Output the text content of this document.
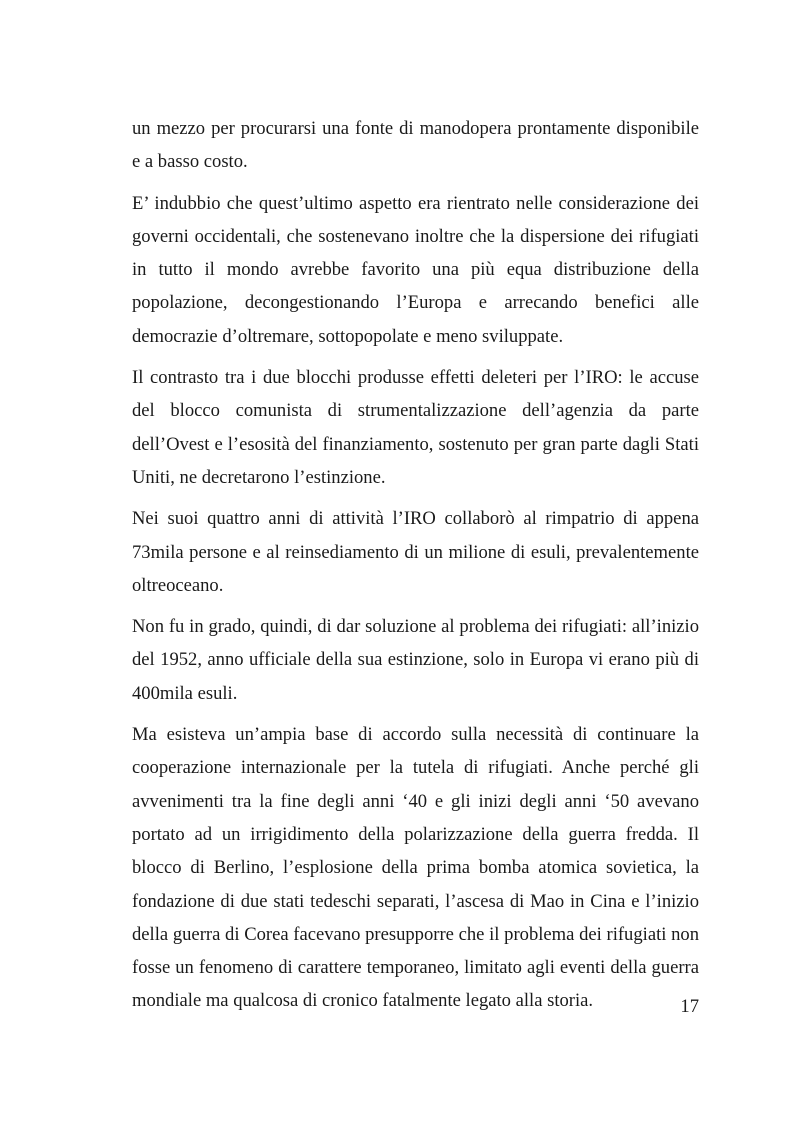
un mezzo per procurarsi una fonte di manodopera prontamente disponibile e a basso costo.

E’ indubbio che quest’ultimo aspetto era rientrato nelle considerazione dei governi occidentali, che sostenevano inoltre che la dispersione dei rifugiati in tutto il mondo avrebbe favorito una più equa distribuzione della popolazione, decongestionando l’Europa e arrecando benefici alle democrazie d’oltremare, sottopopolate e meno sviluppate.

Il contrasto tra i due blocchi produsse effetti deleteri per l’IRO: le accuse del blocco comunista di strumentalizzazione dell’agenzia da parte dell’Ovest e l’esosità del finanziamento, sostenuto per gran parte dagli Stati Uniti, ne decretarono l’estinzione.

Nei suoi quattro anni di attività l’IRO collaborò al rimpatrio di appena 73mila persone e al reinsediamento di un milione di esuli, prevalentemente oltreoceano.

Non fu in grado, quindi, di dar soluzione al problema dei rifugiati: all’inizio del 1952, anno ufficiale della sua estinzione, solo in Europa vi erano più di 400mila esuli.

Ma esisteva un’ampia base di accordo sulla necessità di continuare la cooperazione internazionale per la tutela di rifugiati. Anche perché gli avvenimenti tra la fine degli anni ‘40 e gli inizi degli anni ‘50 avevano portato ad un irrigidimento della polarizzazione della guerra fredda. Il blocco di Berlino, l’esplosione della prima bomba atomica sovietica, la fondazione di due stati tedeschi separati, l’ascesa di Mao in Cina e l’inizio della guerra di Corea facevano presupporre che il problema dei rifugiati non fosse un fenomeno di carattere temporaneo, limitato agli eventi della guerra mondiale ma qualcosa di cronico fatalmente legato alla storia.	17
